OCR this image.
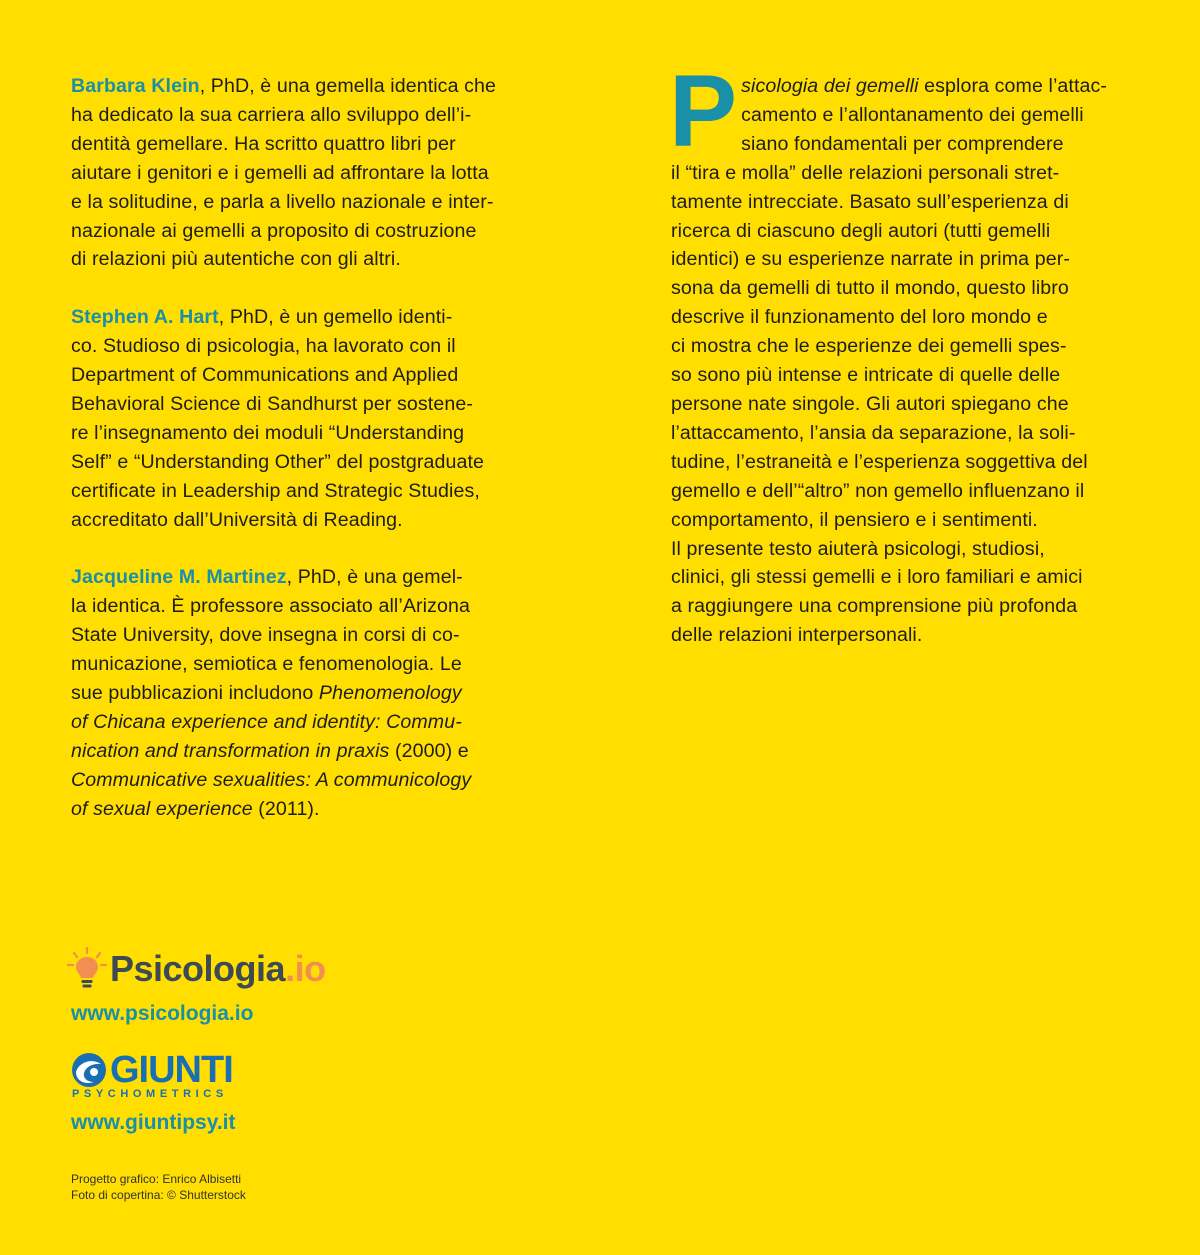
Barbara Klein, PhD, è una gemella identica che
ha dedicato la sua carriera allo sviluppo dell’i-
dentità gemellare. Ha scritto quattro libri per
aiutare i genitori e i gemelli ad affrontare la lotta
e la solitudine, e parla a livello nazionale e inter-
nazionale ai gemelli a proposito di costruzione
di relazioni più autentiche con gli altri.

Stephen A. Hart, PhD, è un gemello identi-
co. Studioso di psicologia, ha lavorato con il
Department of Communications and Applied
Behavioral Science di Sandhurst per sostene-
re l’insegnamento dei moduli “Understanding
Self” e “Understanding Other” del postgraduate
certificate in Leadership and Strategic Studies,
accreditato dall’Università di Reading.

Jacqueline M. Martinez, PhD, è una gemel-
la identica. È professore associato all’Arizona
State University, dove insegna in corsi di co-
municazione, semiotica e fenomenologia. Le
sue pubblicazioni includono Phenomenology
of Chicana experience and identity: Commu-
nication and transformation in praxis (2000) e
Communicative sexualities: A communicology
of sexual experience (2011).

P sicologia dei gemelli esplora come l’attac-
camento e l’allontanamento dei gemelli
siano fondamentali per comprendere
il “tira e molla” delle relazioni personali stret-
tamente intrecciate. Basato sull’esperienza di
ricerca di ciascuno degli autori (tutti gemelli
identici) e su esperienze narrate in prima per-
sona da gemelli di tutto il mondo, questo libro
descrive il funzionamento del loro mondo e
ci mostra che le esperienze dei gemelli spes-
so sono più intense e intricate di quelle delle
persone nate singole. Gli autori spiegano che
l’attaccamento, l’ansia da separazione, la soli-
tudine, l’estraneità e l’esperienza soggettiva del
gemello e dell’“altro” non gemello influenzano il
comportamento, il pensiero e i sentimenti.
Il presente testo aiuterà psicologi, studiosi,
clinici, gli stessi gemelli e i loro familiari e amici
a raggiungere una comprensione più profonda
delle relazioni interpersonali.
Psicologia.io
www.psicologia.io
GIUNTI
PSYCHOMETRICS
www.giuntipsy.it
Progetto grafico: Enrico Albisetti
Foto di copertina: © Shutterstock
